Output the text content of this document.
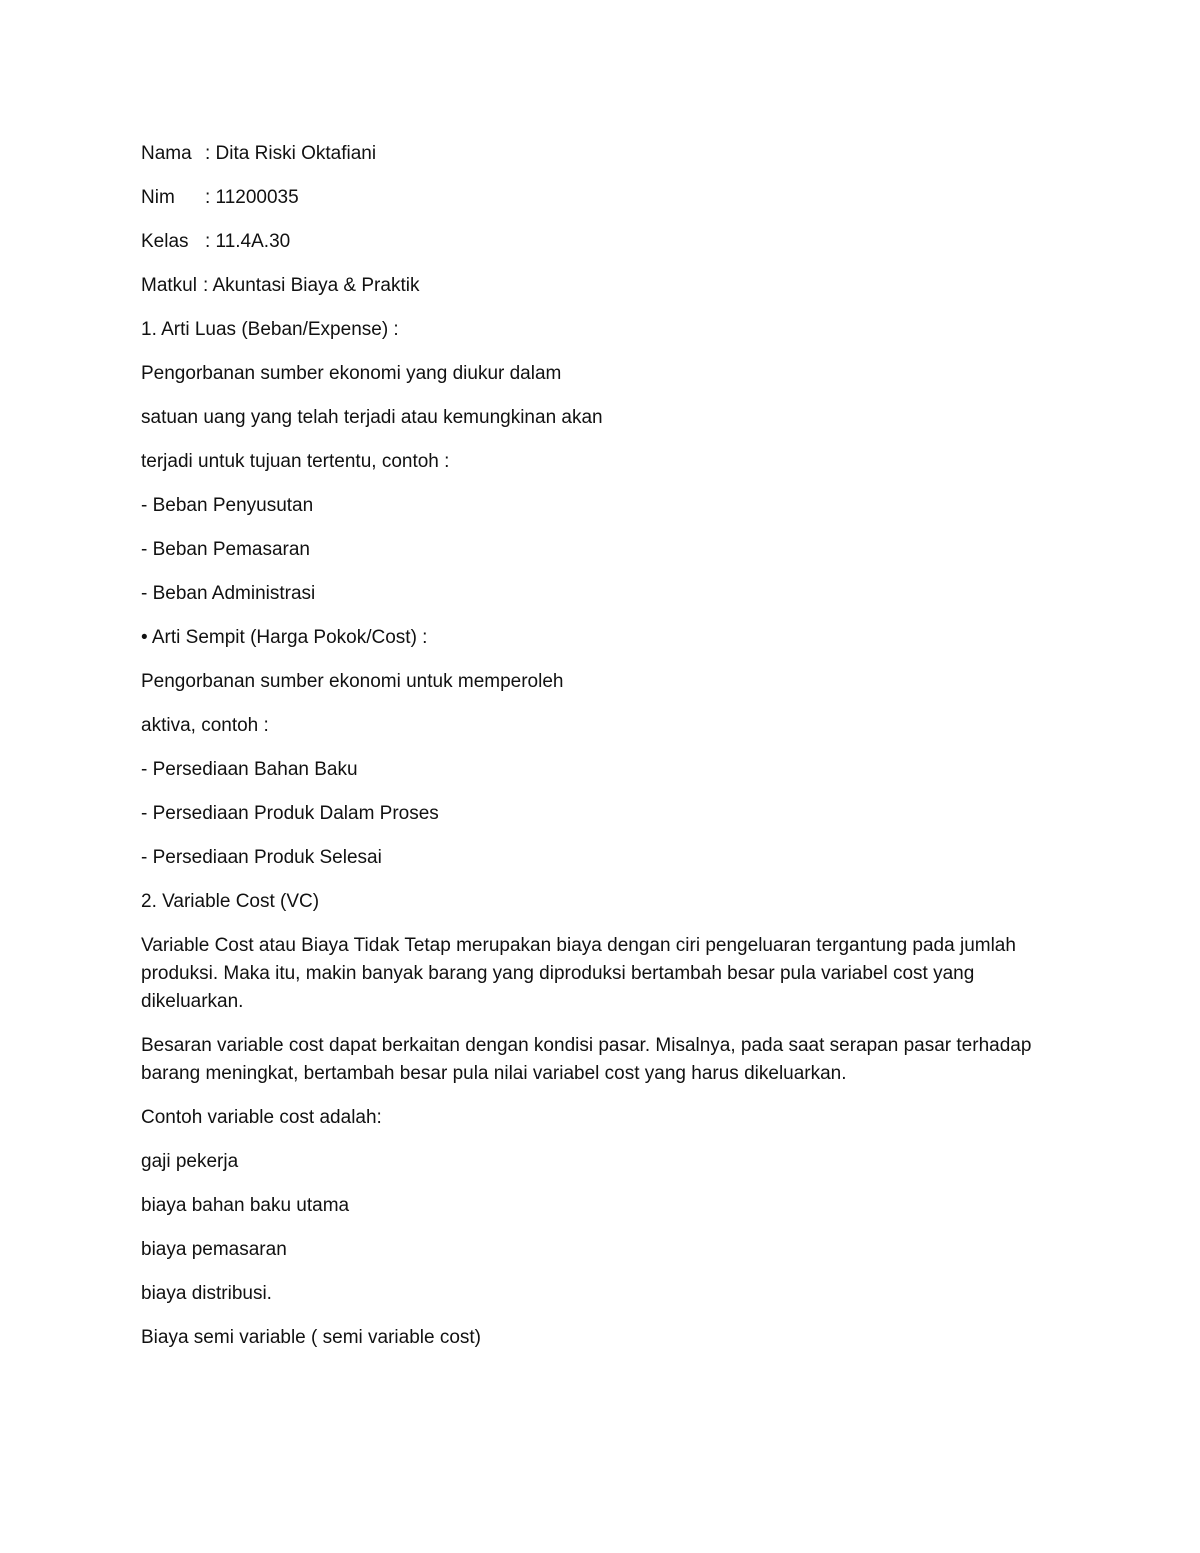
Nama : Dita Riski Oktafiani
Nim	: 11200035
Kelas : 11.4A.30
Matkul : Akuntasi Biaya & Praktik

1. Arti Luas (Beban/Expense) :

Pengorbanan sumber ekonomi yang diukur dalam

satuan uang yang telah terjadi atau kemungkinan akan

terjadi untuk tujuan tertentu, contoh :

- Beban Penyusutan

- Beban Pemasaran

- Beban Administrasi

• Arti Sempit (Harga Pokok/Cost) :

Pengorbanan sumber ekonomi untuk memperoleh

aktiva, contoh :

- Persediaan Bahan Baku

- Persediaan Produk Dalam Proses

- Persediaan Produk Selesai

2. Variable Cost (VC)

Variable Cost atau Biaya Tidak Tetap merupakan biaya dengan ciri pengeluaran tergantung pada jumlah produksi. Maka itu, makin banyak barang yang diproduksi bertambah besar pula variabel cost yang dikeluarkan.

Besaran variable cost dapat berkaitan dengan kondisi pasar. Misalnya, pada saat serapan pasar terhadap barang meningkat, bertambah besar pula nilai variabel cost yang harus dikeluarkan.

Contoh variable cost adalah:

gaji pekerja

biaya bahan baku utama

biaya pemasaran

biaya distribusi.

Biaya semi variable ( semi variable cost)
